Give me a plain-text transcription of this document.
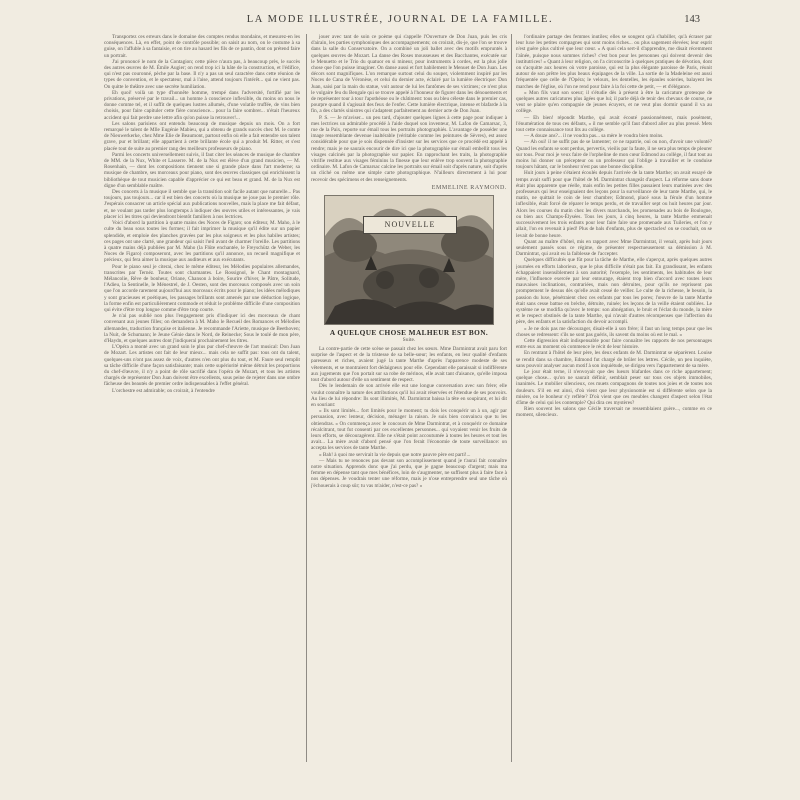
LA MODE ILLUSTRÉE, JOURNAL DE LA FAMILLE.	143

Transportez ces erreurs dans le domaine des comptes rendus mondains, et mesurez-en les conséquences. Là, en effet, point de contrôle possible; on saisit au nom, on le costume à sa guise, on l'affuble à sa fantaisie, et on tire au hasard les fils de ce pantin, dont on prétend faire un portrait.

J'ai prononcé le nom de la Contagion; cette pièce n'aura pas, à beaucoup près, le succès des autres œuvres de M. Émile Augier; on rend trop ici la hâte de la construction, et l'édifice, qui n'est pas couronné, pèche par la base. Il n'y a pas un seul caractère dans cette réunion de types de convention, et le spectateur, mal à l'aise, attend toujours l'intérêt... qui ne vient pas. On quitte le théâtre avec une secrète humiliation.

Eh quoi! voilà un type d'honnête homme, trempé dans l'adversité, fortifié par les privations, préservé par le travail... un homme à conscience inflexible, du moins on nous le donne comme tel, et il suffit de quelques lustres allumés, d'une volatile truffée, de vins bien choisis, pour faire capituler cette fière conscience... pour la faire sombrer... n'était l'heureux accident qui fait perdre une lettre afin qu'on puisse la retrouver!...

Les salons parisiens ont entendu beaucoup de musique depuis un mois. On a fort remarqué le talent de Mlle Eugénie Mabieu, qui a obtenu de grands succès chez M. le comte de Nieuwerkerke, chez Mme Elie de Beaumont, partout enfin où elle a fait entendre son talent grave, pur et brillant; elle appartient à cette brillante école qui a produit M. Ritter, et s'est placée tout de suite au premier rang des meilleurs professeurs de piano.

Parmi les concerts universellement suivis, il faut citer les séances de musique de chambre de MM. de la Nux, White et Lasserre. M. de la Nux est élève d'un grand musicien, — M. Rosenhain, — dont les compositions tiennent une si grande place dans l'art moderne; sa musique de chambre, ses morceaux pour piano, sont des œuvres classiques qui enrichissent la bibliothèque de tout musicien capable d'apprécier ce qui est beau et grand. M. de la Nux est digne d'un semblable maître.

Des concerts à la musique il semble que la transition soit facile autant que naturelle... Pas toujours, pas toujours... car il est bien des concerts où la musique ne joue pas le premier rôle. J'espérais consacrer un article spécial aux publications nouvelles, mais la place me fait défaut, et, ne voulant pas tarder plus longtemps à indiquer des œuvres utiles et intéressantes, je vais placer ici les titres qui deviendront bientôt familiers à nos lectrices.

Voici d'abord la partition à quatre mains des Noces de Figaro; son éditeur, M. Maho, à le culte du beau sous toutes les formes; il fait imprimer la musique qu'il édite sur un papier splendide, et emploie des planches gravées par les plus soigneux et les plus habiles artistes; ces pages ont une clarté, une grandeur qui saisit l'œil avant de charmer l'oreille. Les partitions à quatre mains déjà publiées par M. Maho (la Flûte enchantée, le Freyschütz de Weber, les Noces de Figaro) composeront, avec les partitions qu'il annonce, un recueil magnifique et précieux, qui fera aimer la musique aux auditeurs et aux exécutants.

Pour le piano seul je citerai, chez le même éditeur, les Mélodies populaires allemandes, transcrites par Ternéz. Toutes sont charmantes. Le Rossignol, le Chant montagnard, Mélancolie, Rêve de bonheur, Oriane, Chanson à boire, Sourire d'hiver, le Pâtre, Solitude, l'Adieu, la Sentinelle, le Ménestrel, de J. Oesten, sont des morceaux composés avec un soin que l'on accorde rarement aujourd'hui aux morceaux écrits pour le piano; les idées mélodiques y sont gracieuses et poétiques, les passages brillants sont amenés par une déduction logique, la forme enfin est particulièrement commode et réduit le problème difficile d'une composition qui évite d'être trop longue comme d'être trop courte.

Je n'ai pas oublié non plus l'engagement pris d'indiquer ici des morceaux de chant convenant aux jeunes filles; on demandera à M. Maho le Recueil des Romances et Mélodies allemandes, traduction française et italienne. Je recommande l'Ariette, musique de Beethoven; la Nuit, de Schumann; le Jeune Génie dans le Nord, de Reinecke; Sous le toulé de mon père, d'Haydn, et quelques autres dont j'indiquerai prochainement les titres.

L'Opéra a monté avec un grand soin le plus pur chef-d'œuvre de l'art musical: Don Juan de Mozart. Les artistes ont fait de leur mieux... mais cela ne suffit pas: tous ont du talent, quelques-uns n'ont pas assez de voix, d'autres n'en ont plus du tout, et M. Faure seul remplit sa tâche difficile d'une façon satisfaisante; mais cette supériorité même détruit les proportions du chef-d'œuvre, il n'y a point de rôle sacrifié dans l'opéra de Mozart, et tous les artistes chargés de représenter Don Juan doivent être excellents, sous peine de rejeter dans une ombre fâcheuse des beautés de premier ordre indispensables à l'effet général.

L'orchestre est admirable; on croirait, à l'entendre

jouer avec tant de soin ce poème qui s'appelle l'Ouverture de Don Juan, puis les cris d'airain, les parties symphoniques des accompagnements; on croirait, dis-je, que l'on se trouve dans la salle du Conservatoire. On a combiné un joli ballet avec des motifs empruntés à quelques œuvres de Mozart. La danse des Roses mousseuses et des Bacchantes, exécutée sur le Menuetto et le Trio du quatuor en si mineur, pour instruments à cordes, est la plus jolie chose que l'on puisse imaginer. On danse aussi et fort habilement le Menuet de Don Juan. Les décors sont magnifiques. L'on remarque surtout celui du souper, violemment inspiré par les Noces de Cana de Véronèse, et celui du dernier acte, éclairé par la lumière électrique: Don Juan, saisi par la main du statue, voit autour de lui les fantômes de ses victimes; ce n'est plus le vulgaire feu du Bengale qui se trouve appelé à l'honneur de figurer dans les dénouements et de représenter tour à tour l'apothéose ou le châtiment: tous ou bleu céleste dans le premier cas, pourpre quand il s'agissait des feux de l'enfer. Cette lumière électrique, intense et blafarde à la fin, a des clartés sinistres qui s'adaptent parfaitement au dernier acte de Don Juan.

P. S. — Je m'aviser... un peu tard, d'ajouter quelques lignes à cette page pour indiquer à mes lectrices un admirable procédé à l'aide duquel son inventeur, M. Lafon de Camarsac, 3, rue de la Paix, reporte sur émail tous les portraits photographiés. L'avantage de posséder une image ressemblante devenue inaltérable (véritable comme les peintures de Sèvres), est assez considérable pour que je sois dispensée d'insister sur les services que ce procédé est appelé à rendre; mais je ne saurais encourir de dire ici que la photographie sur émail embellit tous les visages calcinés par la photographie sur papier. En rapprochant les traits, la photographie vitrifie restitue aux visages féminins la finesse que leur enlève trop souvent la photographie ordinaire. M. Lafon de Camarsac calcine les portraits sur émail soit d'après nature, soit d'après un cliché ou même une simple carte photographique. N'ailleurs directement à lui pour recevoir des spécimens et des renseignements.

EMMELINE RAYMOND.
NOUVELLE
A QUELQUE CHOSE MALHEUR EST BON.
Suite.

La contre-partie de cette scène se passait chez les sœurs. Mme Darmintrat avait paru fort surprise de l'aspect et de la tristesse de sa belle-sœur; les enfants, en leur qualité d'enfants paresseux et riches, avaient jugé la tante Marthe d'après l'apparence modeste de ses vêtements, et se montraient fort dédaigneux pour elle. Cependant elle paraissait si indifférente aux jugements que l'on portait sur sa robe de mérinos, elle avait tant d'aisance, qu'elle imposa tout d'abord autour d'elle un sentiment de respect.

Dès le lendemain de son arrivée elle eut une longue conversation avec son frère; elle voulut connaître la nature des attributions qu'il lui avait réservées et l'étendue de ses pouvoirs. Au lieu de lui répondre: Ils sont illimités, M. Darmintrat baissa la tête en soupirant, et lui dit en souriant:

« Ils sont limités... fort limités pour le moment; tu dois les conquérir un à un, agir par persuasion, avec lenteur, décision, ménager la raison. Je suis bien convaincu que tu les obtiendras. » On commença avec le concours de Mme Darmintrat, et à conquérir ce domaine récalcitrant, tout fut consenti par ces excellentes personnes... qui voyaient venir les fruits de leurs efforts, se découragèrent. Elle ne s'était point accoutumée à toutes les heures et tout les avait... La mère avait d'abord pensé que l'on ferait l'économie de toute surveillance: on accepta les services de tante Marthe.

« Bah! à quoi me servirait la vie depuis que notre pauvre père est parti!...

— Mais tu ne renonces pas devant son accomplissement quand je t'aurai fait connaître notre situation. Apprends donc que j'ai perdu, que je gagne beaucoup d'argent; mais ma femme en dépense tant que mes bénéfices, loin de s'augmenter, ne suffisent plus à faire face à nos dépenses. Je voudrais tenter une réforme, mais je n'ose entreprendre seul une tâche où j'échouerais à coup sûr; tu vas m'aider, n'est-ce pas? »

l'ordinaire partage des femmes inutiles; elles se songent qu'à s'habiller, qu'à écraser par leur luxe les petites compagnes qui sont moins riches... ou plus sagement élevées; leur esprit n'est guère plus cultivé que leur cœur. « A quoi cela sert-il d'apprendre, me disait récemment l'aînée, puisque nous sommes riches? c'est bon pour les personnes qui doivent devenir des institutrices! » Quant à leur religion, on l'a circonscrite à quelques pratiques de dévotion, dont on s'acquitte aux heures où votre paroisse, qui est la plus élégante paroisse de Paris, réunit autour de son prêtre les plus beaux équipages de la ville. La sortie de la Madeleine est aussi fréquentée que celle de l'Opéra; le velours, les dentelles, les épaules soieries, balayent les marches de l'église, où l'on ne rend pour faire à la foi cette de petit, — et d'élégance.

« Mon fils vaut son soeur; il s'étudie dès à présent à être la caricature grotesque de quelques autres caricatures plus âgées que lui; il parle déjà de tenir des chevaux de course, ne veut se plaire qu'en compagnie de jeunes écuyers, et ne veut plus dormir quand il va au collège.

— Eh bien! répondit Marthe, qui avait écouté passionnément, mais posément, l'énumération de tous ces défauts, « il me semble qu'il faut d'abord aller au plus pressé. Mets tout cette connaissance tout lits au collège.

— A douze ans?... il ne voudra pas... sa mère le voudra bien moins.

— Ah oui! il ne suffit pas de se lamenter; ce ne rapatrie, oui ou non, d'avoir une volonté? Quand les enfants se sont perdus, pervertis, vieilis par la faute, il ne sera plus temps de pleurer sur tous. Pour moi je veux faire de l'orpheline de mon cœur Edmond au collège, il faut tout au moins lui donner un précepteur ou un professeur qui l'oblige à travailler et le conduise toujours hâtant, car le bonheur n'est pas une bonne discipline.

Huit jours à peine s'étaient écoulés depuis l'arrivée de la tante Marthe; on avait essayé de temps avait suffi pour que l'hôtel de M. Darmintrat changeât d'aspect. La réforme sans doute était plus apparente que réelle, mais enfin les petites filles passaient leurs matinées avec des professeurs qui leur enseignaient des leçons pour la surveillance de leur tante Marthe, qui, le matin, ne quittait le coin de leur chambre; Edmond, placé sous la férule d'un homme inflexible, était forcé de réparer le temps perdu, et de travailler sept ou huit heures par jour. Alors les courses du matin chez les divers marchands, les promenades au bois de Boulogne, ou bien aux Champs-Élysées. Tous les jours, à cinq heures, la tante Marthe emmenait successivement les trois enfants pour leur faire faire une promenade aux Tuileries, et l'on y allait, l'on en revenait à pied! Plus de bals d'enfants, plus de spectacles! on se couchait, on se levait de bonne heure.

Quant au maître d'hôtel, mis en rapport avec Mme Darmintrat, il venait, après huit jours seulement passés sous ce régime, de présenter respectueusement sa démission à M. Darmintrat, qui avait eu la faiblesse de l'accepter.

Quelques difficultés que fût pour la tâche de Marthe, elle s'aperçut, après quelques autres journées en efforts laborieux, que le plus difficile n'était pas fait. En grandissant, les enfants échappaient insensiblement à son autorité; l'exemple, les sentiments, les habitudes de leur mère, l'influence exercée par leur entourage, étaient trop bien d'accord avec toutes leurs mauvaises inclinations, contrariées, mais non détruites, pour qu'ils ne reprissent pas promptement le dessus dès qu'elle avait cessé de veiller. Le culte de la richesse, le besoin, la passion du luxe, pénétraient chez ces enfants par tous les pores; l'œuvre de la tante Marthe était sans cesse battue en brèche, détruite, ruinée; les leçons de la veille étaient oubliées. Le système ne se modifia qu'avec le temps: son abnégation, le bruit et l'éclat du monde, la mère et le respect obstinés de la tante Marthe, qui n'avait d'autres récompenses que l'affection du père, des enfants et la satisfaction du devoir accompli.

« Je ne dois pas me décourager, disait-elle à son frère; il faut un long temps pour que les choses se redressent: s'ils ne sont pas guéris, ils savent du moins où est le mal. »

Cette digression était indispensable pour faire connaître les rapports de nos personnages entre eux au moment où commence le récit de leur histoire.

En rentrant à l'hôtel de leur père, les deux enfants de M. Darmintrat se séparèrent. Louise se rendit dans sa chambre, Edmond fut chargé de brûler les lettres. Cécile, un peu inquiète, sans pouvoir analyser aucun motif à son inquiétude, se dirigea vers l'appartement de sa mère.

Le jour était terne, il n'envoyait que des lueurs blafardes dans ce riche appartement; quelque chose... qu'on ne saurait définir, semblait peser sur tous ces objets immobiles, inanimés. Le mobilier silencieux, ces muets compagnons de toutes nos joies et de toutes nos douleurs. S'il en est ainsi, d'où vient que leur physionomie est si différente selon que la misère, ou le bonheur s'y reflète? D'où vient que ces meubles changent d'aspect selon l'état d'âme de celui qui les contemple? Qui dira ces mystères?

Rien souvent les salons que Cécile traversait ne ressemblaient guère..., comme en ce moment, silencieux.
